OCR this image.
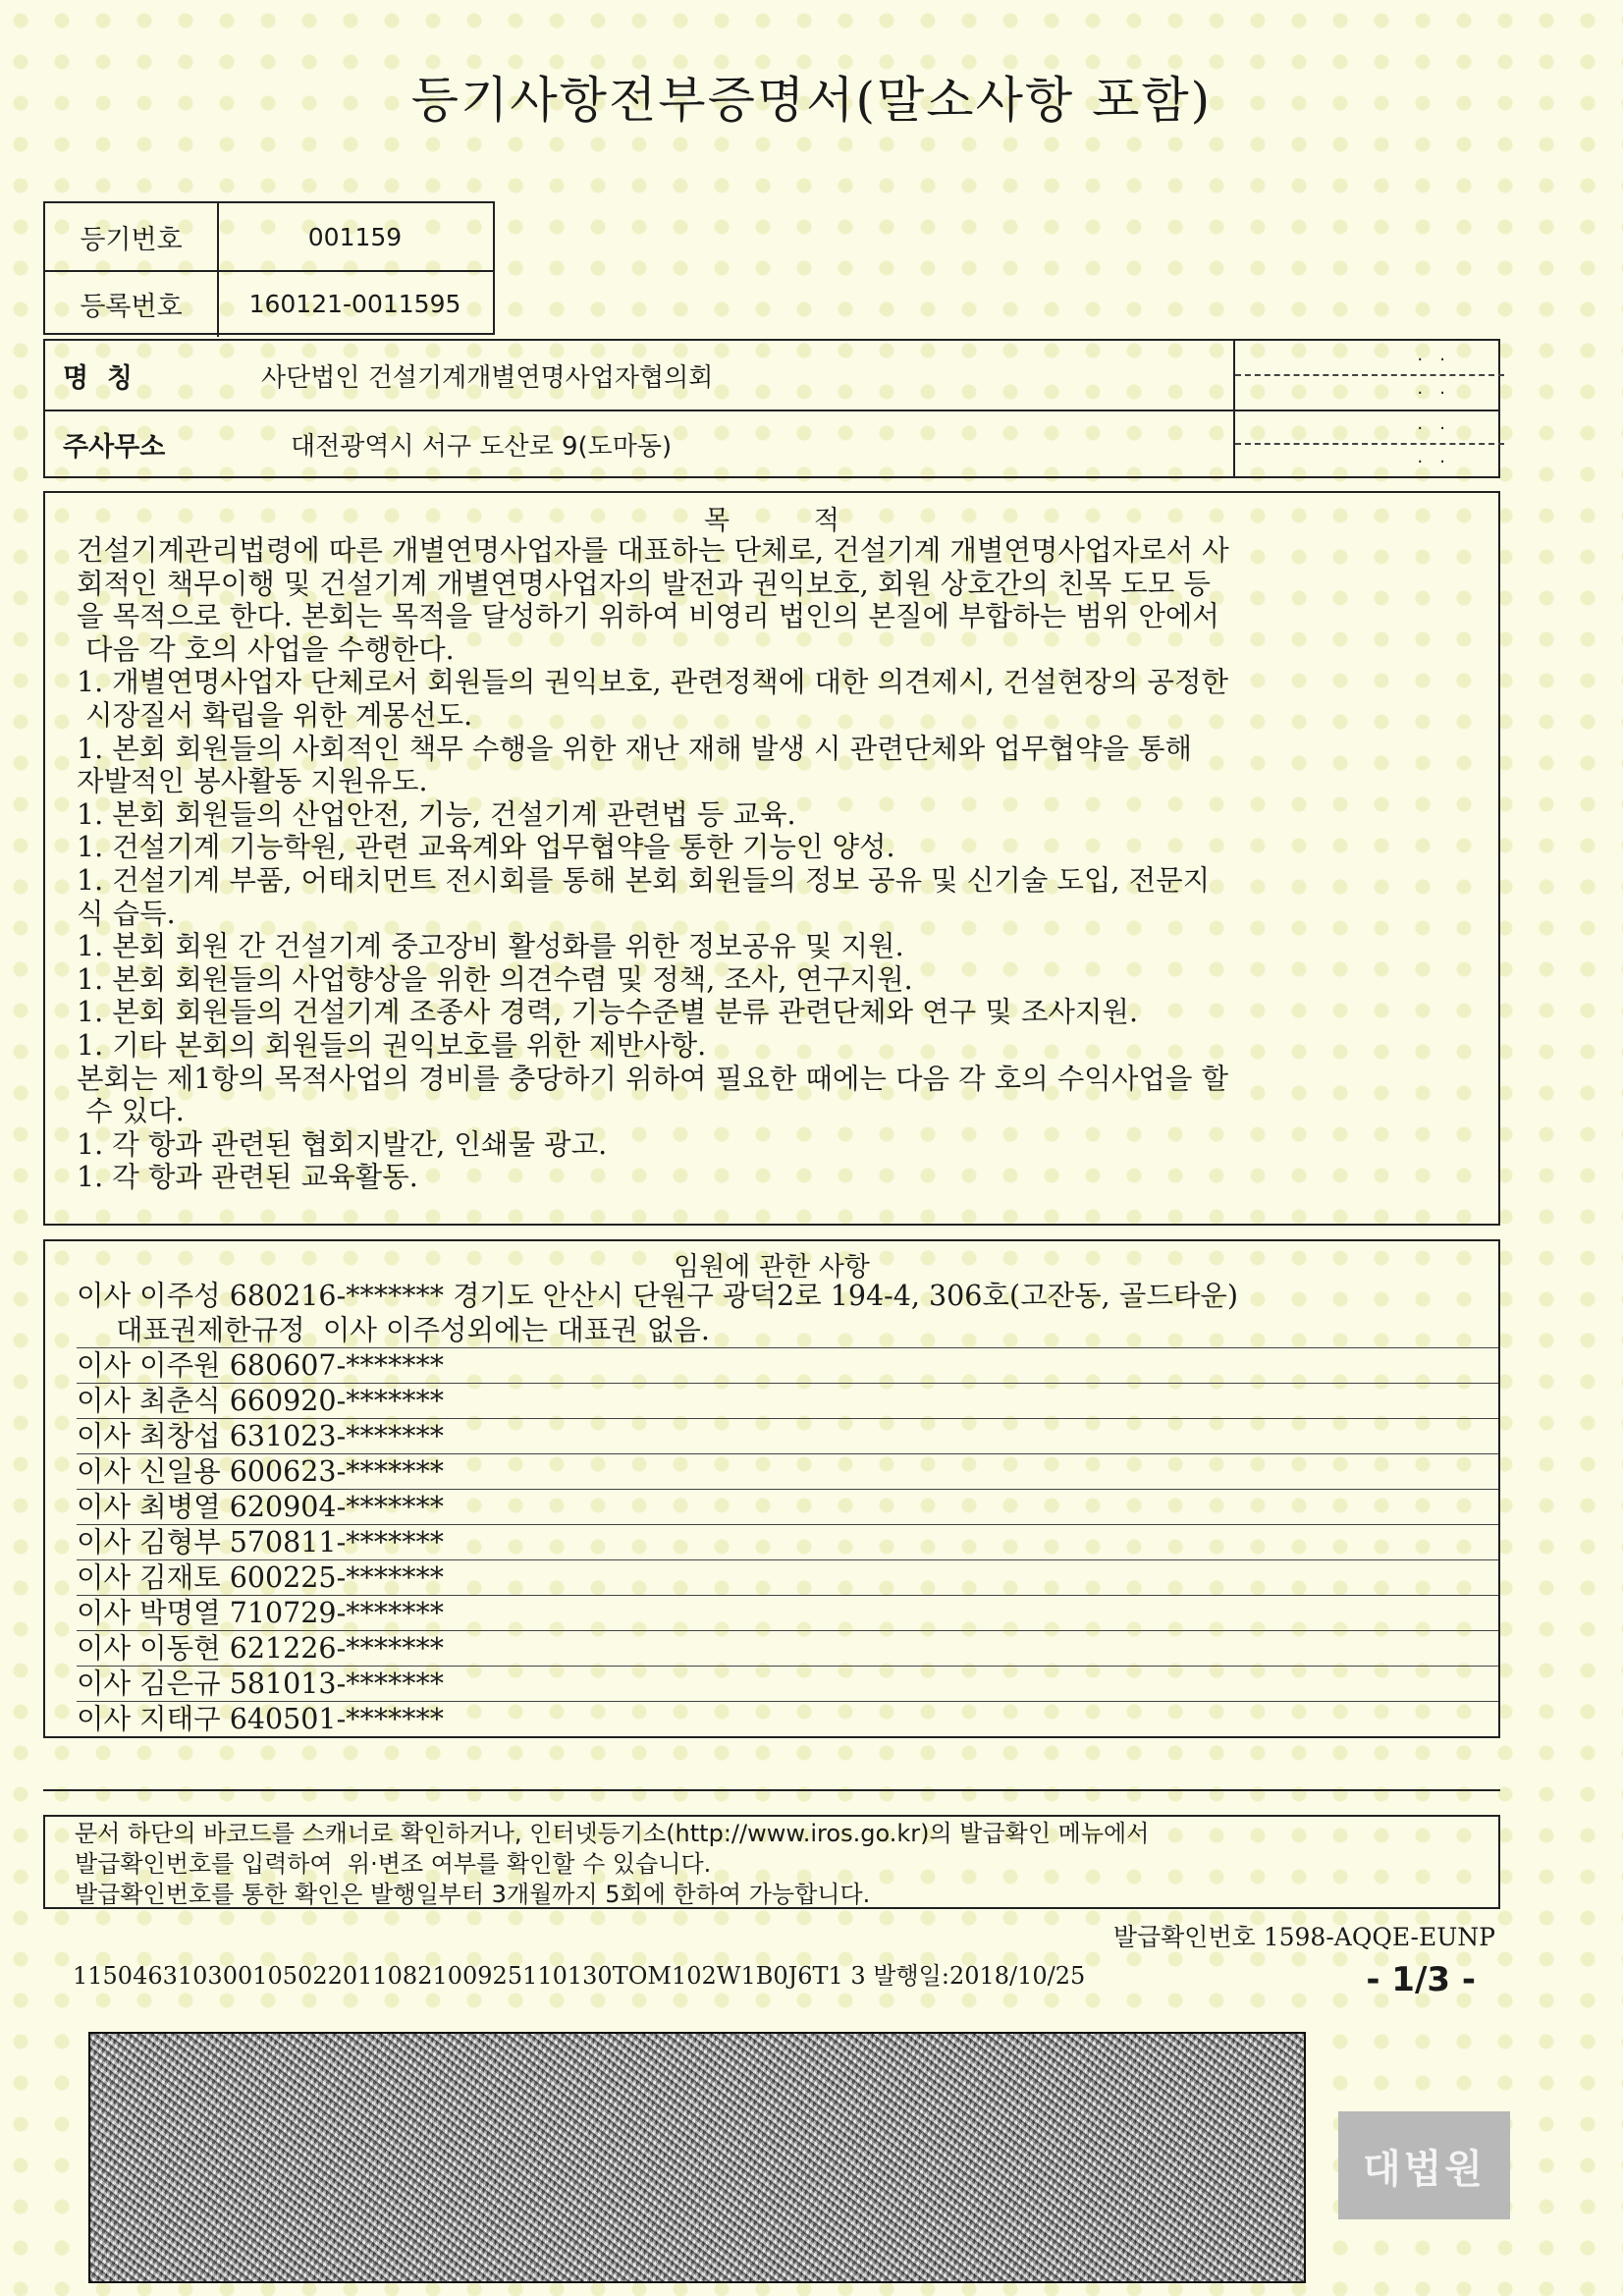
등기사항전부증명서(말소사항 포함)
등기번호	001159
등록번호	160121-0011595
명  칭	사단법인 건설기계개별연명사업자협의회
.   .
.   .
주사무소	대전광역시 서구 도산로 9(도마동)
.   .
.   .
목          적
건설기계관리법령에 따른 개별연명사업자를 대표하는 단체로, 건설기계 개별연명사업자로서 사
회적인 책무이행 및 건설기계 개별연명사업자의 발전과 권익보호, 회원 상호간의 친목 도모 등
을 목적으로 한다. 본회는 목적을 달성하기 위하여 비영리 법인의 본질에 부합하는 범위 안에서
다음 각 호의 사업을 수행한다.
1. 개별연명사업자 단체로서 회원들의 권익보호, 관련정책에 대한 의견제시, 건설현장의 공정한
시장질서 확립을 위한 계몽선도.
1. 본회 회원들의 사회적인 책무 수행을 위한 재난 재해 발생 시 관련단체와 업무협약을 통해
자발적인 봉사활동 지원유도.
1. 본회 회원들의 산업안전, 기능, 건설기계 관련법 등 교육.
1. 건설기계 기능학원, 관련 교육계와 업무협약을 통한 기능인 양성.
1. 건설기계 부품, 어태치먼트 전시회를 통해 본회 회원들의 정보 공유 및 신기술 도입, 전문지
식 습득.
1. 본회 회원 간 건설기계 중고장비 활성화를 위한 정보공유 및 지원.
1. 본회 회원들의 사업향상을 위한 의견수렴 및 정책, 조사, 연구지원.
1. 본회 회원들의 건설기계 조종사 경력, 기능수준별 분류 관련단체와 연구 및 조사지원.
1. 기타 본회의 회원들의 권익보호를 위한 제반사항.
본회는 제1항의 목적사업의 경비를 충당하기 위하여 필요한 때에는 다음 각 호의 수익사업을 할
수 있다.
1. 각 항과 관련된 협회지발간, 인쇄물 광고.
1. 각 항과 관련된 교육활동.
임원에 관한 사항
이사 이주성 680216-******* 경기도 안산시 단원구 광덕2로 194-4, 306호(고잔동, 골드타운)
대표권제한규정  이사 이주성외에는 대표권 없음.
이사 이주원 680607-*******
이사 최춘식 660920-*******
이사 최창섭 631023-*******
이사 신일용 600623-*******
이사 최병열 620904-*******
이사 김형부 570811-*******
이사 김재토 600225-*******
이사 박명열 710729-*******
이사 이동현 621226-*******
이사 김은규 581013-*******
이사 지태구 640501-*******
문서 하단의 바코드를 스캐너로 확인하거나, 인터넷등기소(http://www.iros.go.kr)의 발급확인 메뉴에서
발급확인번호를 입력하여  위·변조 여부를 확인할 수 있습니다.
발급확인번호를 통한 확인은 발행일부터 3개월까지 5회에 한하여 가능합니다.
발급확인번호 1598-AQQE-EUNP
115046310300105022011082100925110130TOM102W1B0J6T1 3 발행일:2018/10/25	- 1/3 -
대법원
